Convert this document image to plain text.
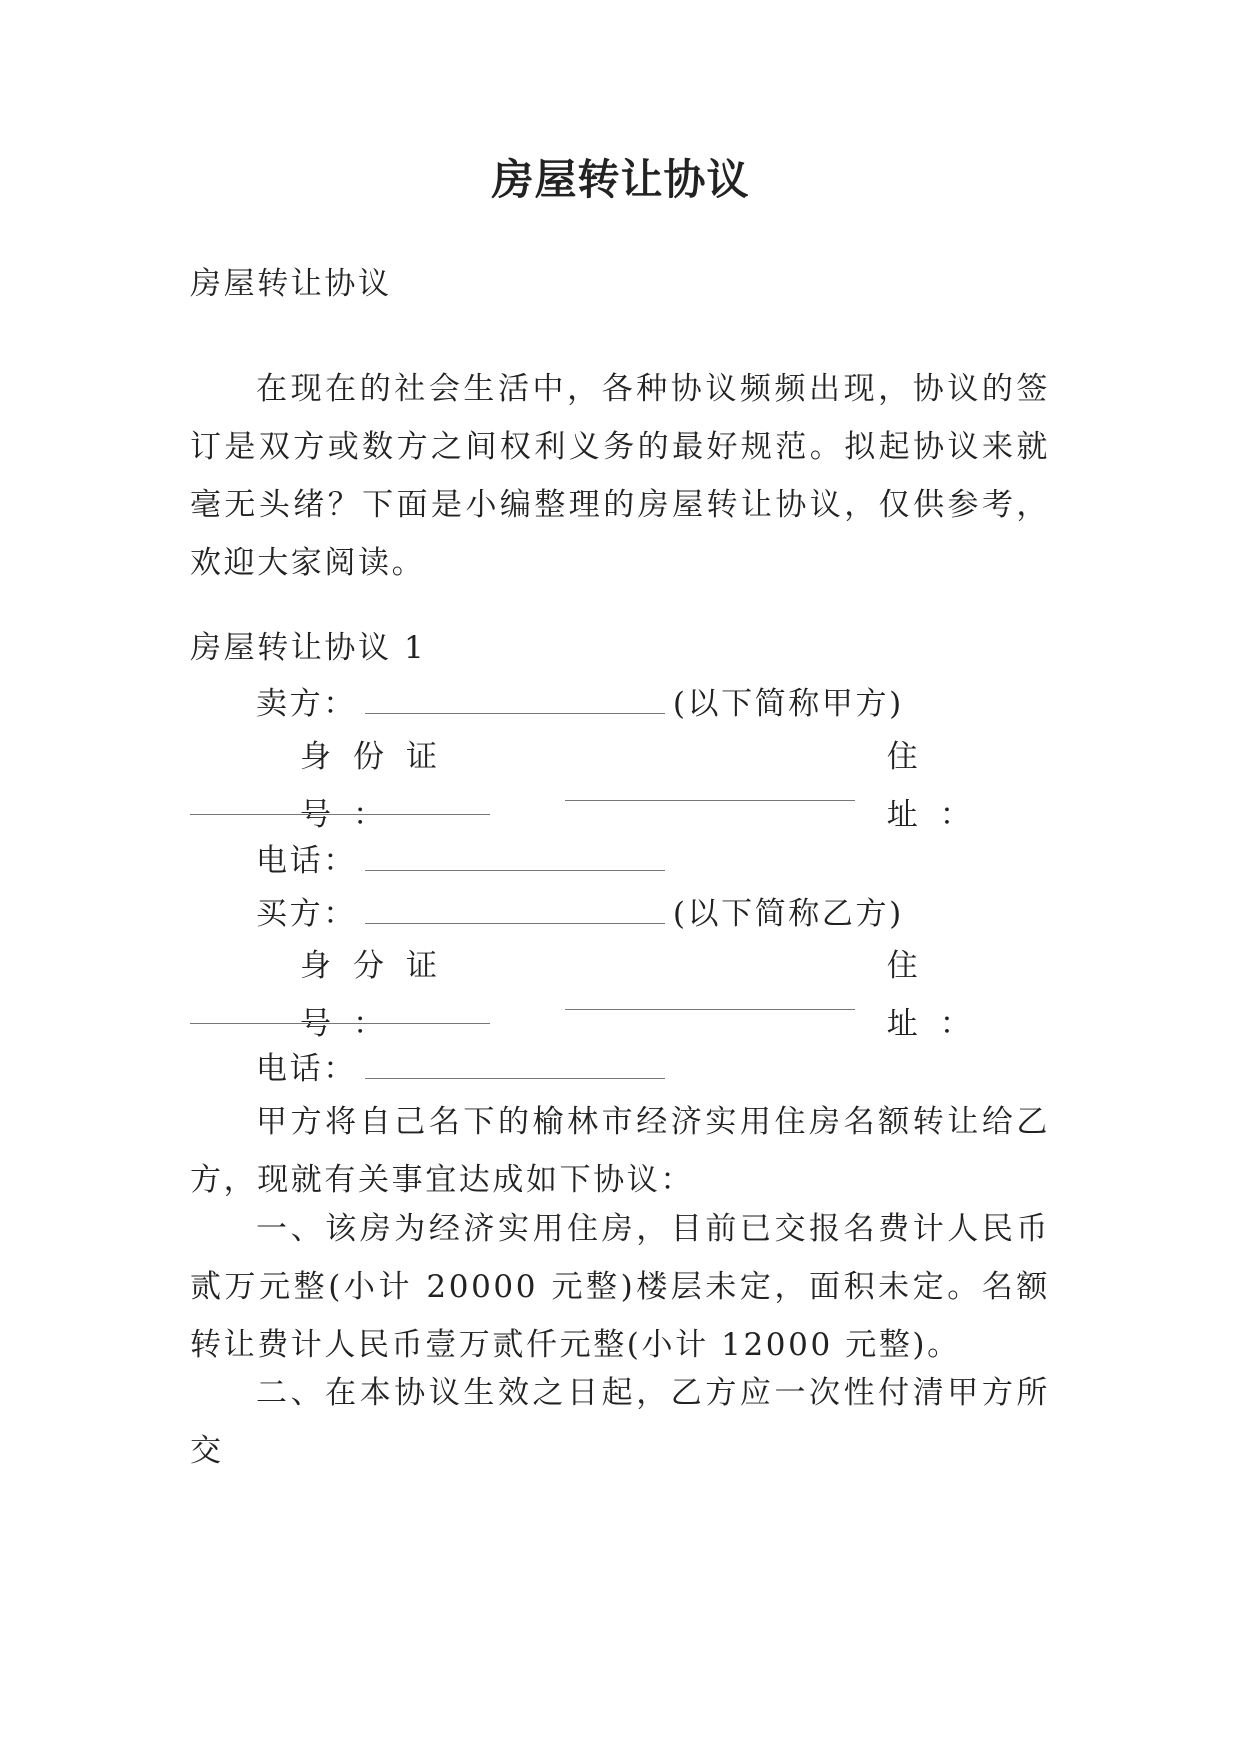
房屋转让协议

房屋转让协议

在现在的社会生活中，各种协议频频出现，协议的签订是双方或数方之间权利义务的最好规范。拟起协议来就毫无头绪？下面是小编整理的房屋转让协议，仅供参考，欢迎大家阅读。

房屋转让协议 1

卖方：	(以下简称甲方)

身份证号：
住址：

电话：

买方：	(以下简称乙方)

身分证号：
住址：

电话：

甲方将自己名下的榆林市经济实用住房名额转让给乙方，现就有关事宜达成如下协议：

一、该房为经济实用住房，目前已交报名费计人民币贰万元整(小计 20000 元整)楼层未定，面积未定。名额转让费计人民币壹万贰仟元整(小计 12000 元整)。

二、在本协议生效之日起，乙方应一次性付清甲方所交
